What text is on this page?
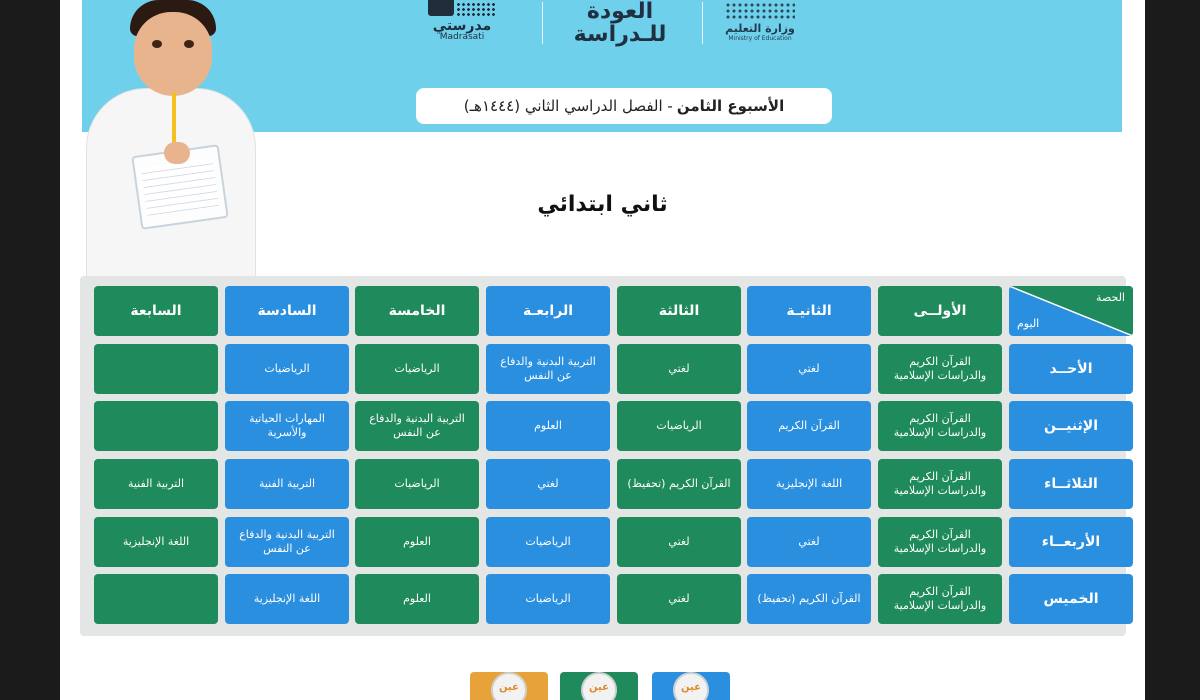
وزارة التعليم
Ministry of Education
العودة
للـدراسة
مدرستي
Madrasati
الأسبوع الثامن
- الفصل الدراسي الثاني (١٤٤٤هـ)
ثاني ابتدائي
الحصة
اليوم
الأولــى
الثانيـة
الثالثة
الرابعـة
الخامسة
السادسة
السابعة
الأحــد
القرآن الكريم والدراسات الإسلامية
لغتي
لغتي
التربية البدنية والدفاع عن النفس
الرياضيات
الرياضيات
الإثنيــن
القرآن الكريم والدراسات الإسلامية
القرآن الكريم
الرياضيات
العلوم
التربية البدنية والدفاع عن النفس
المهارات الحياتية والأسرية
الثلاثــاء
القرآن الكريم والدراسات الإسلامية
اللغة الإنجليزية
القرآن الكريم (تحفيظ)
لغتي
الرياضيات
التربية الفنية
التربية الفنية
الأربعــاء
القرآن الكريم والدراسات الإسلامية
لغتي
لغتي
الرياضيات
العلوم
التربية البدنية والدفاع عن النفس
اللغة الإنجليزية
الخميس
القرآن الكريم والدراسات الإسلامية
القرآن الكريم (تحفيظ)
لغتي
الرياضيات
العلوم
اللغة الإنجليزية
عين	عين	عين
